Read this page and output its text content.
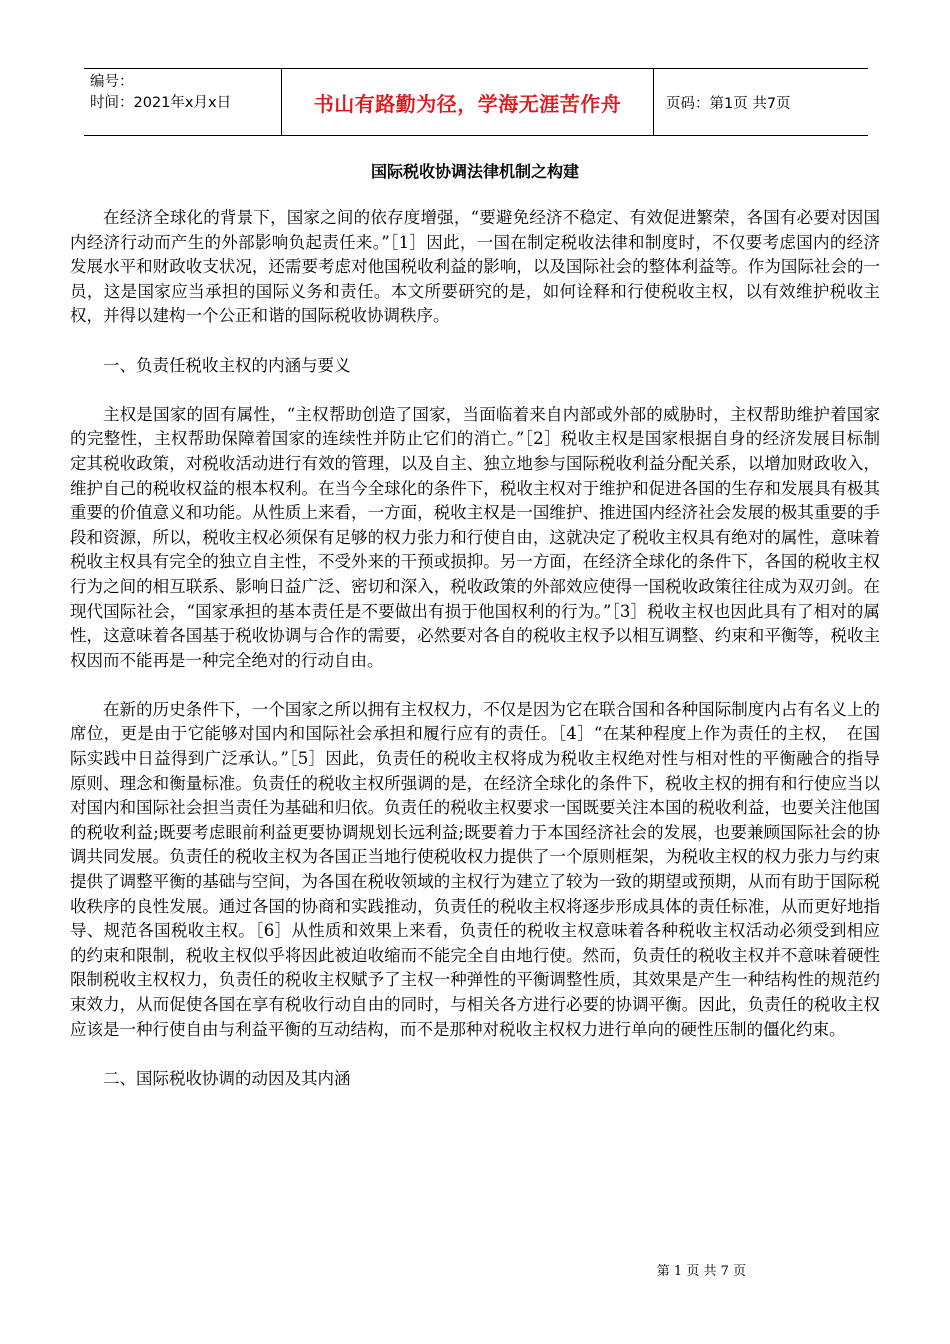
编号：
时间：2021年x月x日	书山有路勤为径，学海无涯苦作舟	页码：第1页 共7页
国际税收协调法律机制之构建

在经济全球化的背景下，国家之间的依存度增强，“要避免经济不稳定、有效促进繁荣，各国有必要对因国内经济行动而产生的外部影响负起责任来。”［1］因此，一国在制定税收法律和制度时，不仅要考虑国内的经济发展水平和财政收支状况，还需要考虑对他国税收利益的影响，以及国际社会的整体利益等。作为国际社会的一员，这是国家应当承担的国际义务和责任。本文所要研究的是，如何诠释和行使税收主权，以有效维护税收主权，并得以建构一个公正和谐的国际税收协调秩序。

一、负责任税收主权的内涵与要义

主权是国家的固有属性，“主权帮助创造了国家，当面临着来自内部或外部的威胁时，主权帮助维护着国家的完整性，主权帮助保障着国家的连续性并防止它们的消亡。”［2］税收主权是国家根据自身的经济发展目标制定其税收政策，对税收活动进行有效的管理，以及自主、独立地参与国际税收利益分配关系，以增加财政收入，维护自己的税收权益的根本权利。在当今全球化的条件下，税收主权对于维护和促进各国的生存和发展具有极其重要的价值意义和功能。从性质上来看，一方面，税收主权是一国维护、推进国内经济社会发展的极其重要的手段和资源，所以，税收主权必须保有足够的权力张力和行使自由，这就决定了税收主权具有绝对的属性，意味着税收主权具有完全的独立自主性，不受外来的干预或损抑。另一方面，在经济全球化的条件下，各国的税收主权行为之间的相互联系、影响日益广泛、密切和深入，税收政策的外部效应使得一国税收政策往往成为双刃剑。在现代国际社会，“国家承担的基本责任是不要做出有损于他国权利的行为。”［3］税收主权也因此具有了相对的属性，这意味着各国基于税收协调与合作的需要，必然要对各自的税收主权予以相互调整、约束和平衡等，税收主权因而不能再是一种完全绝对的行动自由。

在新的历史条件下，一个国家之所以拥有主权权力，不仅是因为它在联合国和各种国际制度内占有名义上的席位，更是由于它能够对国内和国际社会承担和履行应有的责任。［4］“在某种程度上作为责任的主权，　在国际实践中日益得到广泛承认。”［5］因此，负责任的税收主权将成为税收主权绝对性与相对性的平衡融合的指导原则、理念和衡量标准。负责任的税收主权所强调的是，在经济全球化的条件下，税收主权的拥有和行使应当以对国内和国际社会担当责任为基础和归依。负责任的税收主权要求一国既要关注本国的税收利益，也要关注他国的税收利益;既要考虑眼前利益更要协调规划长远利益;既要着力于本国经济社会的发展，也要兼顾国际社会的协调共同发展。负责任的税收主权为各国正当地行使税收权力提供了一个原则框架，为税收主权的权力张力与约束提供了调整平衡的基础与空间，为各国在税收领域的主权行为建立了较为一致的期望或预期，从而有助于国际税收秩序的良性发展。通过各国的协商和实践推动，负责任的税收主权将逐步形成具体的责任标准，从而更好地指导、规范各国税收主权。［6］从性质和效果上来看，负责任的税收主权意味着各种税收主权活动必须受到相应的约束和限制，税收主权似乎将因此被迫收缩而不能完全自由地行使。然而，负责任的税收主权并不意味着硬性限制税收主权权力，负责任的税收主权赋予了主权一种弹性的平衡调整性质，其效果是产生一种结构性的规范约束效力，从而促使各国在享有税收行动自由的同时，与相关各方进行必要的协调平衡。因此，负责任的税收主权应该是一种行使自由与利益平衡的互动结构，而不是那种对税收主权权力进行单向的硬性压制的僵化约束。

二、国际税收协调的动因及其内涵

第 1 页 共 7 页
